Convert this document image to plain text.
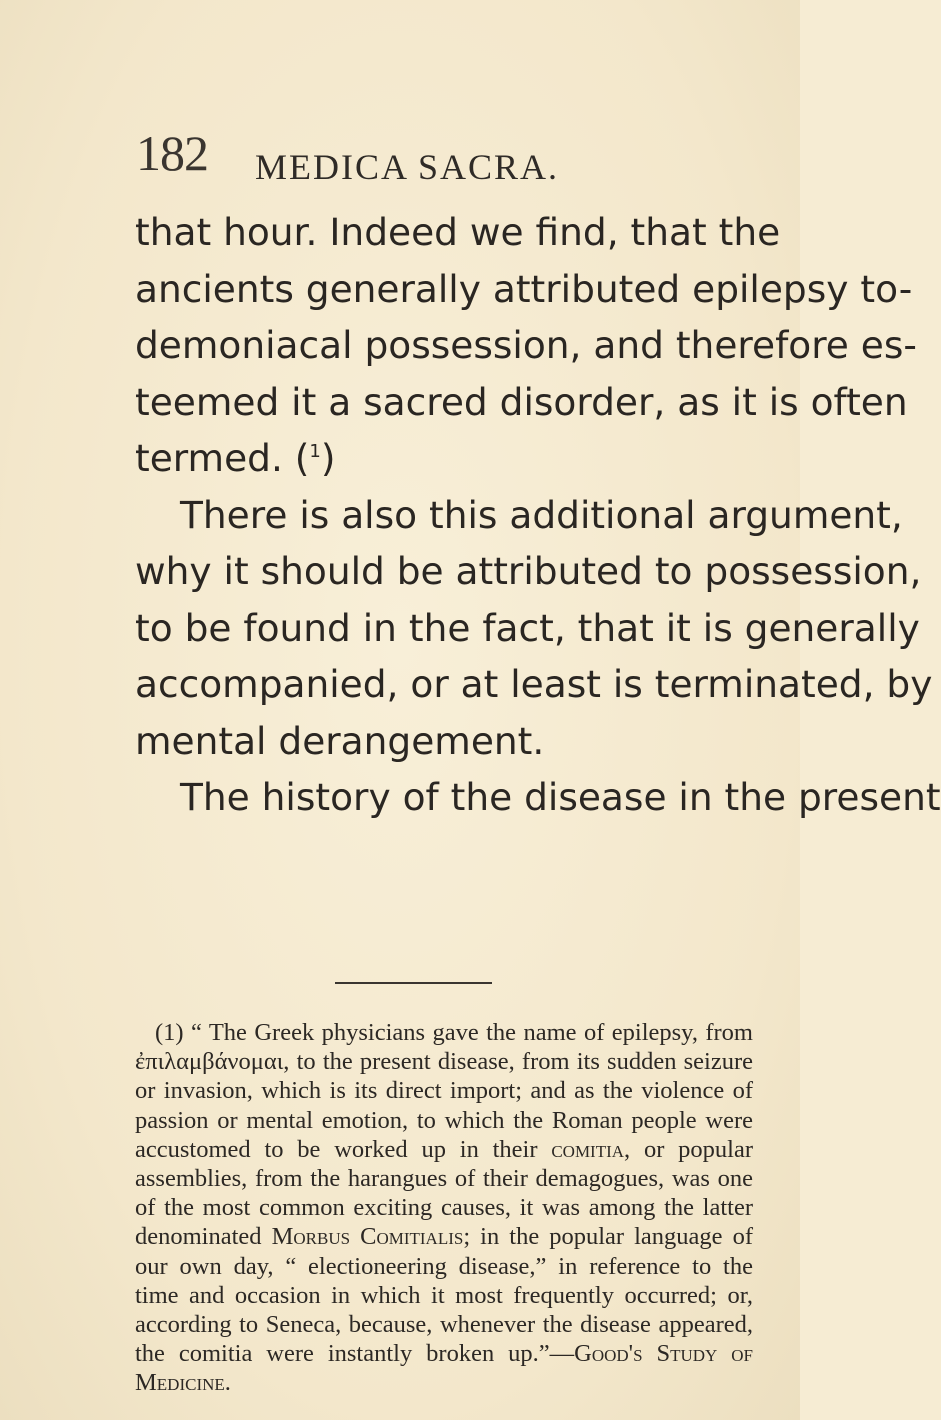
182 MEDICA SACRA.
that hour. Indeed we find, that the
ancients generally attributed epilepsy to-
demoniacal possession, and therefore es-
teemed it a sacred disorder, as it is often
termed. ($^1$)
There is also this additional argument,
why it should be attributed to possession,
to be found in the fact, that it is generally
accompanied, or at least is terminated, by
mental derangement.
The history of the disease in the present
(1) “ The Greek physicians gave the name of epilepsy, from
ἐπιλαμβάνομαι, to the present disease, from its sudden seizure
or invasion, which is its direct import; and as the violence of
passion or mental emotion, to which the Roman people were
accustomed to be worked up in their comitia, or popular
assemblies, from the harangues of their demagogues, was one
of the most common exciting causes, it was among the latter
denominated Morbus Comitialis; in the popular language of
our own day, “ electioneering disease,” in reference to the
time and occasion in which it most frequently occurred; or,
according to Seneca, because, whenever the disease appeared,
the comitia were instantly broken up.”—Good's Study of
Medicine.
